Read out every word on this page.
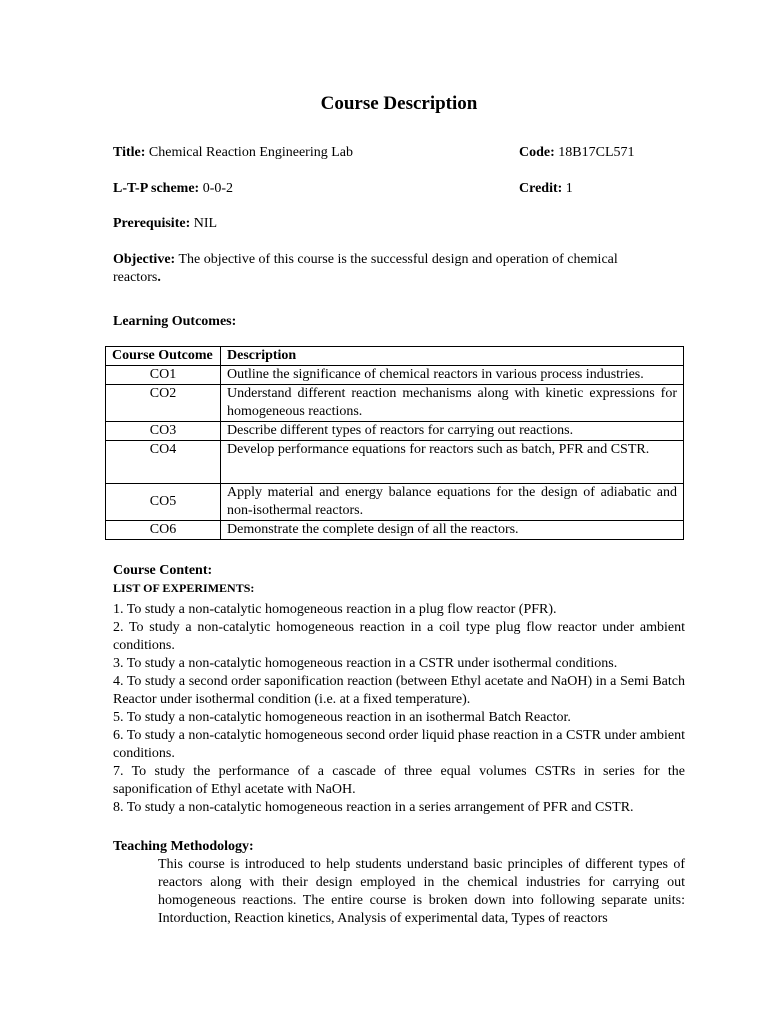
Course Description
Title: Chemical Reaction Engineering Lab	Code: 18B17CL571
L-T-P scheme: 0-0-2	Credit: 1
Prerequisite: NIL
Objective: The objective of this course is the successful design and operation of chemical
reactors.
Learning Outcomes:
Course Outcome	Description
CO1	Outline the significance of chemical reactors in various process industries.
CO2	Understand different reaction mechanisms along with kinetic expressions for homogeneous reactions.
CO3	Describe different types of reactors for carrying out reactions.
CO4	Develop performance equations for reactors such as batch, PFR and CSTR.
CO5	Apply material and energy balance equations for the design of adiabatic and non-isothermal reactors.
CO6	Demonstrate the complete design of all the reactors.
Course Content:
LIST OF EXPERIMENTS:

1. To study a non-catalytic homogeneous reaction in a plug flow reactor (PFR).

2. To study a non-catalytic homogeneous reaction in a coil type plug flow reactor under ambient conditions.

3. To study a non-catalytic homogeneous reaction in a CSTR under isothermal conditions.

4. To study a second order saponification reaction (between Ethyl acetate and NaOH) in a Semi Batch Reactor under isothermal condition (i.e. at a fixed temperature).

5. To study a non-catalytic homogeneous reaction in an isothermal Batch Reactor.

6. To study a non-catalytic homogeneous second order liquid phase reaction in a CSTR under ambient conditions.

7. To study the performance of a cascade of three equal volumes CSTRs in series for the saponification of Ethyl acetate with NaOH.

8. To study a non-catalytic homogeneous reaction in a series arrangement of PFR and CSTR.

Teaching Methodology:
This course is introduced to help students understand basic principles of different types of reactors along with their design employed in the chemical industries for carrying out homogeneous reactions. The entire course is broken down into following separate units: Intorduction, Reaction kinetics, Analysis of experimental data, Types of reactors
